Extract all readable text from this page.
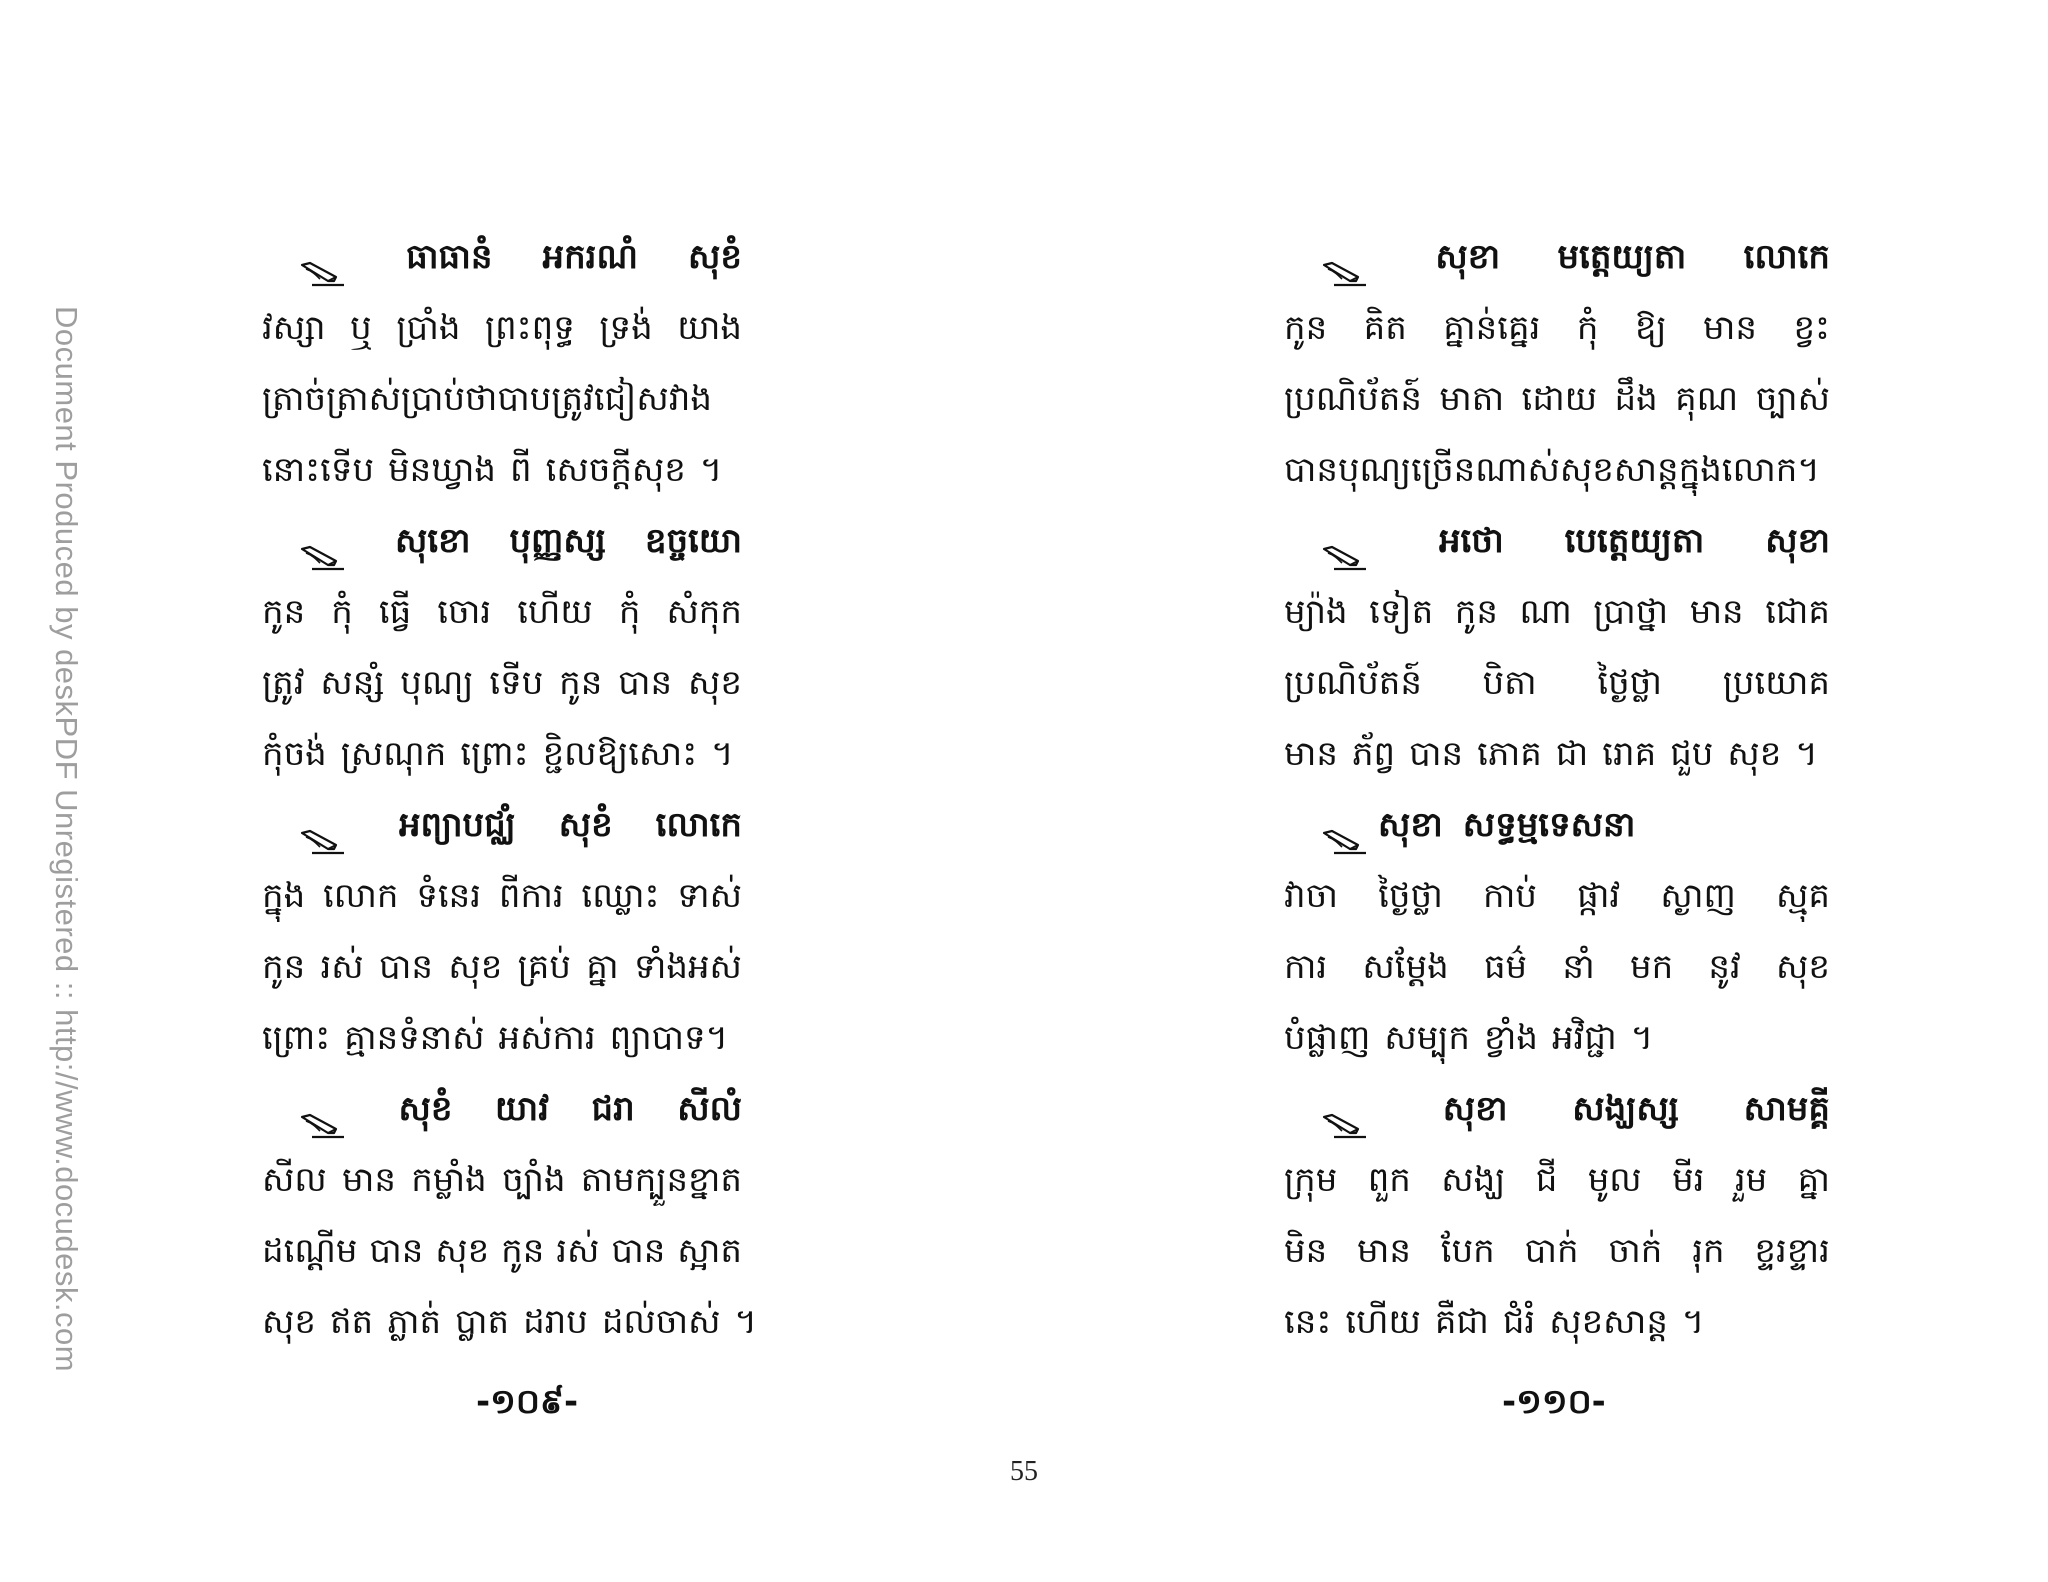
Document Produced by deskPDF Unregistered :: http://www.docudesk.com
ធាធានំ អករណំ សុខំ
វស្សា ឬ ប្រាំង ព្រះពុទ្ធ ទ្រង់ យាង
ត្រាច់ត្រាស់ប្រាប់ថាបាបត្រូវជៀសវាង
នោះទើប មិនឃ្វាង ពី សេចក្ដីសុខ ។
សុខោ បុញ្ញស្ស ឧច្ចយោ
កូន កុំ ធ្វើ ចោរ ហើយ កុំ សំកុក
ត្រូវ សន្សំ បុណ្យ ទើប កូន បាន សុខ
កុំចង់ ស្រណុក ព្រោះ ខ្ជិលឱ្យសោះ ។
អព្យាបជ្ឈំ សុខំ លោកេ
ក្នុង លោក ទំនេរ ពីការ ឈ្លោះ ទាស់
កូន រស់ បាន សុខ គ្រប់ គ្នា ទាំងអស់
ព្រោះ គ្មានទំនាស់ អស់ការ ព្យាបាទ។
សុខំ យាវ ជរា សីលំ
សីល មាន កម្លាំង ច្បាំង តាមក្បួនខ្នាត
ដណ្ដើម បាន សុខ កូន រស់ បាន ស្អាត
សុខ ឥត ភ្លាត់ ប្លាត ដរាប ដល់ចាស់ ។
សុខា មត្តេយ្យតា លោកេ
កូន គិត គ្នាន់គ្នេរ កុំ ឱ្យ មាន ខ្វះ
ប្រណិប័តន៍ មាតា ដោយ ដឹង គុណ ច្បាស់
បានបុណ្យច្រើនណាស់សុខសាន្តក្នុងលោក។
អថោ បេត្តេយ្យតា សុខា
ម្យ៉ាង ទៀត កូន ណា ប្រាថ្នា មាន ជោគ
ប្រណិប័តន៍ បិតា ថ្ងៃថ្លា ប្រយោគ
មាន ភ័ព្វ បាន ភោគ ជា រោគ ជួប សុខ ។
សុខា សទ្ធម្មទេសនា
វាចា ថ្ងៃថ្លា កាប់ ផ្កាវ ស្ងាញ ស្មុគ
ការ សម្ដែង ធម៌ នាំ មក នូវ សុខ
បំផ្លាញ សម្បុក ខ្វាំង អវិជ្ជា ។
សុខា សង្ឃស្ស សាមគ្គី
ក្រុម ពួក សង្ឃ ជី មូល មីរ រួម គ្នា
មិន មាន បែក បាក់ ចាក់ រុក ខ្ទរខ្ទារ
នេះ ហើយ គឺជា ជំរំ សុខសាន្ត ។
-១០៩-	-១១០-
55
